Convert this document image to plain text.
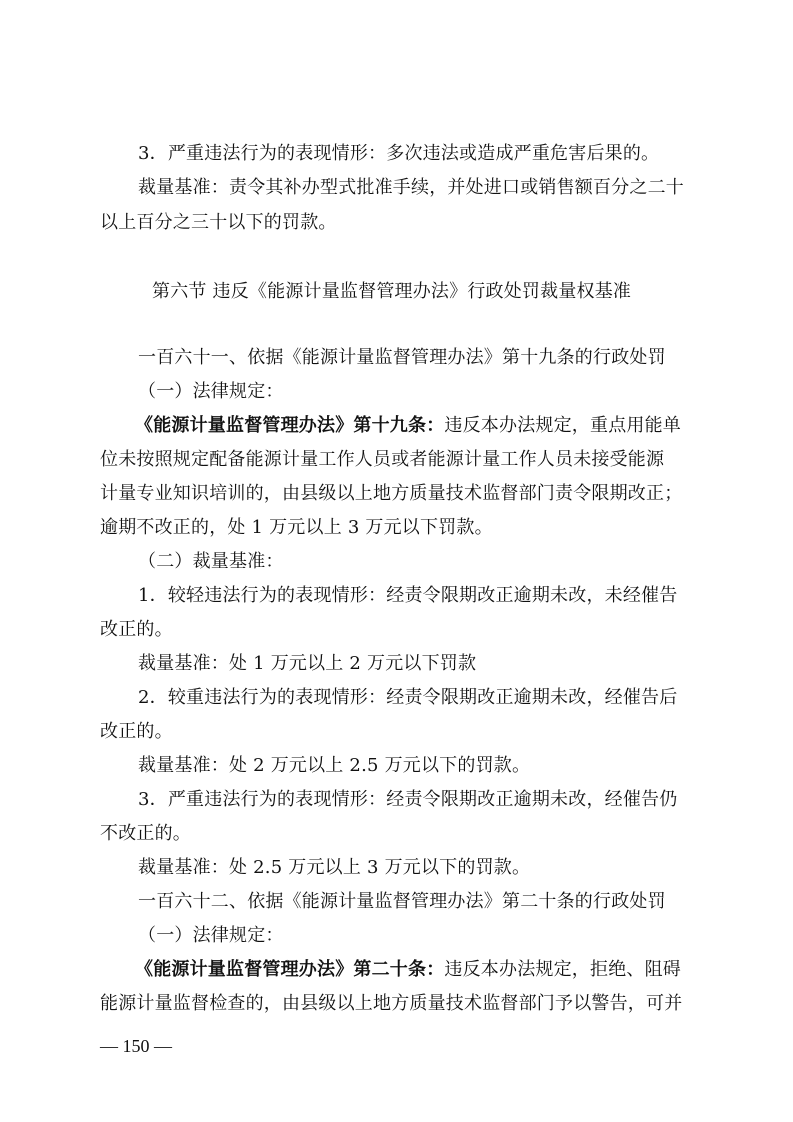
3．严重违法行为的表现情形：多次违法或造成严重危害后果的。
裁量基准：责令其补办型式批准手续，并处进口或销售额百分之二十
以上百分之三十以下的罚款。
第六节 违反《能源计量监督管理办法》行政处罚裁量权基准
一百六十一、依据《能源计量监督管理办法》第十九条的行政处罚
（一）法律规定：
《能源计量监督管理办法》第十九条：违反本办法规定，重点用能单
位未按照规定配备能源计量工作人员或者能源计量工作人员未接受能源
计量专业知识培训的，由县级以上地方质量技术监督部门责令限期改正；
逾期不改正的，处 1 万元以上 3 万元以下罚款。
（二）裁量基准：
1．较轻违法行为的表现情形：经责令限期改正逾期未改，未经催告
改正的。
裁量基准：处 1 万元以上 2 万元以下罚款
2．较重违法行为的表现情形：经责令限期改正逾期未改，经催告后
改正的。
裁量基准：处 2 万元以上 2.5 万元以下的罚款。
3．严重违法行为的表现情形：经责令限期改正逾期未改，经催告仍
不改正的。
裁量基准：处 2.5 万元以上 3 万元以下的罚款。
一百六十二、依据《能源计量监督管理办法》第二十条的行政处罚
（一）法律规定：
《能源计量监督管理办法》第二十条：违反本办法规定，拒绝、阻碍
能源计量监督检查的，由县级以上地方质量技术监督部门予以警告，可并
— 150 —
